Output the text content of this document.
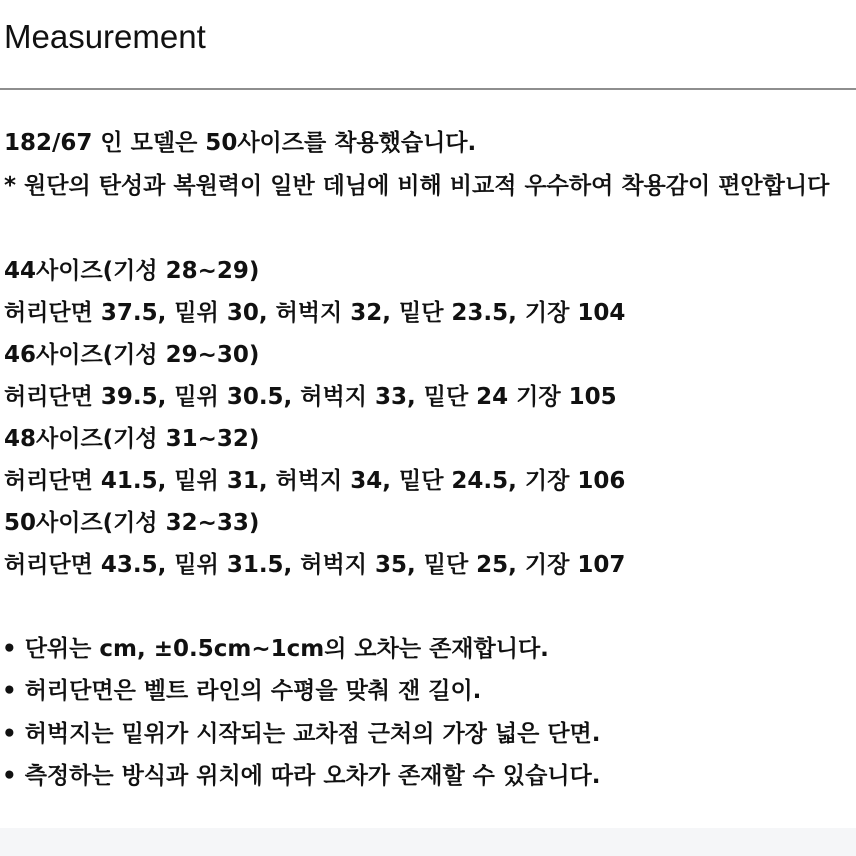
Measurement
182/67 인 모델은 50사이즈를 착용했습니다.
* 원단의 탄성과 복원력이 일반 데님에 비해 비교적 우수하여 착용감이 편안합니다
44사이즈(기성 28~29)
허리단면 37.5, 밑위 30, 허벅지 32, 밑단 23.5, 기장 104
46사이즈(기성 29~30)
허리단면 39.5, 밑위 30.5, 허벅지 33, 밑단 24 기장 105
48사이즈(기성 31~32)
허리단면 41.5, 밑위 31, 허벅지 34, 밑단 24.5, 기장 106
50사이즈(기성 32~33)
허리단면 43.5, 밑위 31.5, 허벅지 35, 밑단 25, 기장 107
• 단위는 cm, ±0.5cm~1cm의 오차는 존재합니다.
• 허리단면은 벨트 라인의 수평을 맞춰 잰 길이.
• 허벅지는 밑위가 시작되는 교차점 근처의 가장 넓은 단면.
• 측정하는 방식과 위치에 따라 오차가 존재할 수 있습니다.
